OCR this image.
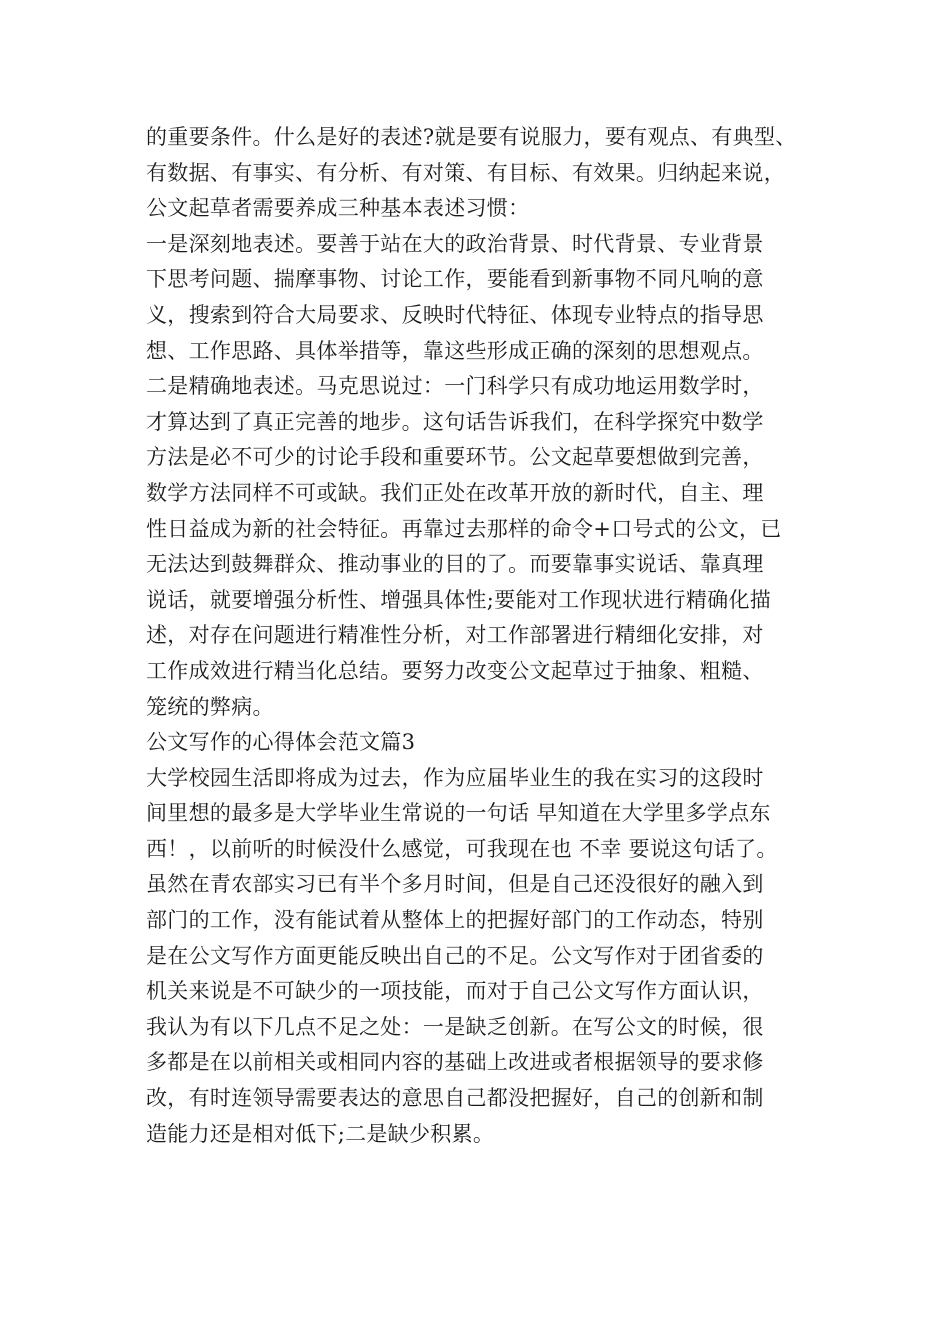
的重要条件。什么是好的表述?就是要有说服力，要有观点、有典型、
有数据、有事实、有分析、有对策、有目标、有效果。归纳起来说，
公文起草者需要养成三种基本表述习惯：
一是深刻地表述。要善于站在大的政治背景、时代背景、专业背景
下思考问题、揣摩事物、讨论工作，要能看到新事物不同凡响的意
义，搜索到符合大局要求、反映时代特征、体现专业特点的指导思
想、工作思路、具体举措等，靠这些形成正确的深刻的思想观点。
二是精确地表述。马克思说过：一门科学只有成功地运用数学时，
才算达到了真正完善的地步。这句话告诉我们，在科学探究中数学
方法是必不可少的讨论手段和重要环节。公文起草要想做到完善，
数学方法同样不可或缺。我们正处在改革开放的新时代，自主、理
性日益成为新的社会特征。再靠过去那样的命令+口号式的公文，已
无法达到鼓舞群众、推动事业的目的了。而要靠事实说话、靠真理
说话，就要增强分析性、增强具体性;要能对工作现状进行精确化描
述，对存在问题进行精准性分析，对工作部署进行精细化安排，对
工作成效进行精当化总结。要努力改变公文起草过于抽象、粗糙、
笼统的弊病。
公文写作的心得体会范文篇3
大学校园生活即将成为过去，作为应届毕业生的我在实习的这段时
间里想的最多是大学毕业生常说的一句话 早知道在大学里多学点东
西！，以前听的时候没什么感觉，可我现在也 不幸 要说这句话了。
虽然在青农部实习已有半个多月时间，但是自己还没很好的融入到
部门的工作，没有能试着从整体上的把握好部门的工作动态，特别
是在公文写作方面更能反映出自己的不足。公文写作对于团省委的
机关来说是不可缺少的一项技能，而对于自己公文写作方面认识，
我认为有以下几点不足之处：一是缺乏创新。在写公文的时候，很
多都是在以前相关或相同内容的基础上改进或者根据领导的要求修
改，有时连领导需要表达的意思自己都没把握好，自己的创新和制
造能力还是相对低下;二是缺少积累。
